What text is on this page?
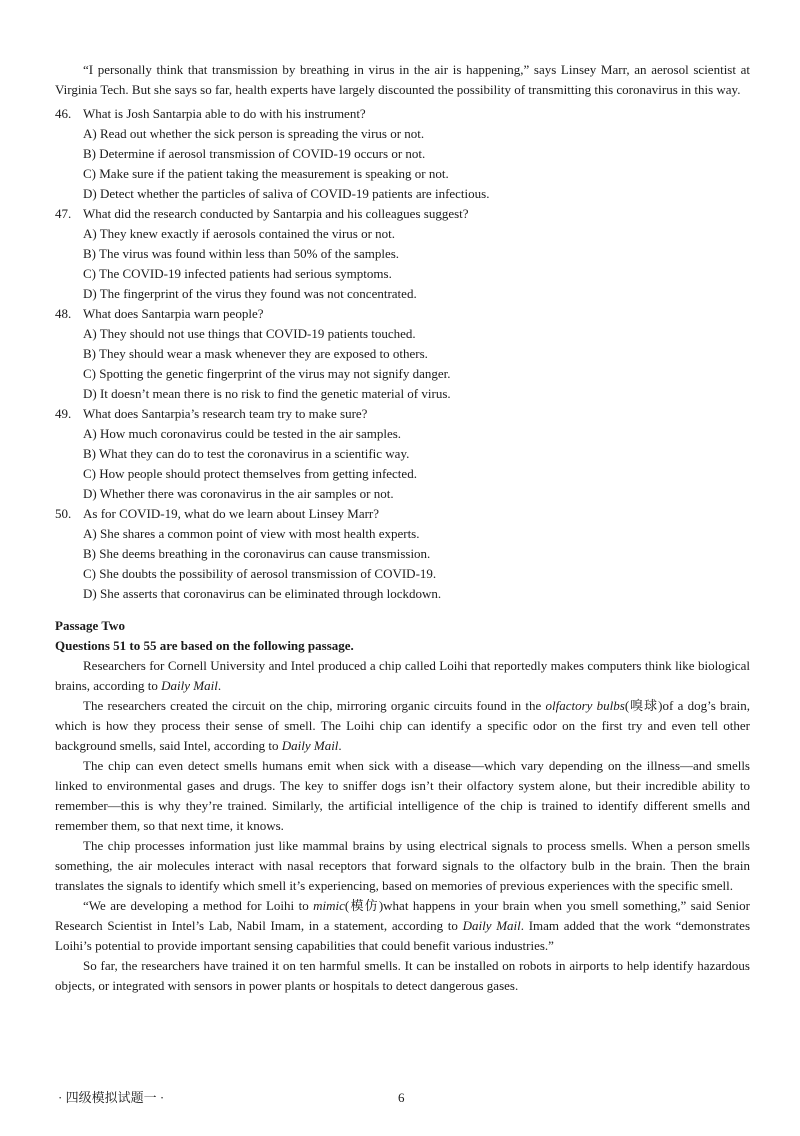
“I personally think that transmission by breathing in virus in the air is happening,” says Linsey Marr, an aerosol scientist at Virginia Tech. But she says so far, health experts have largely discounted the possibility of transmitting this coronavirus in this way.

46. What is Josh Santarpia able to do with his instrument?
A) Read out whether the sick person is spreading the virus or not.
B) Determine if aerosol transmission of COVID-19 occurs or not.
C) Make sure if the patient taking the measurement is speaking or not.
D) Detect whether the particles of saliva of COVID-19 patients are infectious.
47. What did the research conducted by Santarpia and his colleagues suggest?
A) They knew exactly if aerosols contained the virus or not.
B) The virus was found within less than 50% of the samples.
C) The COVID-19 infected patients had serious symptoms.
D) The fingerprint of the virus they found was not concentrated.
48. What does Santarpia warn people?
A) They should not use things that COVID-19 patients touched.
B) They should wear a mask whenever they are exposed to others.
C) Spotting the genetic fingerprint of the virus may not signify danger.
D) It doesn’t mean there is no risk to find the genetic material of virus.
49. What does Santarpia’s research team try to make sure?
A) How much coronavirus could be tested in the air samples.
B) What they can do to test the coronavirus in a scientific way.
C) How people should protect themselves from getting infected.
D) Whether there was coronavirus in the air samples or not.
50. As for COVID-19, what do we learn about Linsey Marr?
A) She shares a common point of view with most health experts.
B) She deems breathing in the coronavirus can cause transmission.
C) She doubts the possibility of aerosol transmission of COVID-19.
D) She asserts that coronavirus can be eliminated through lockdown.
Passage Two
Questions 51 to 55 are based on the following passage.

Researchers for Cornell University and Intel produced a chip called Loihi that reportedly makes computers think like biological brains, according to Daily Mail.

The researchers created the circuit on the chip, mirroring organic circuits found in the olfactory bulbs(嗅球)of a dog’s brain, which is how they process their sense of smell. The Loihi chip can identify a specific odor on the first try and even tell other background smells, said Intel, according to Daily Mail.

The chip can even detect smells humans emit when sick with a disease—which vary depending on the illness—and smells linked to environmental gases and drugs. The key to sniffer dogs isn’t their olfactory system alone, but their incredible ability to remember—this is why they’re trained. Similarly, the artificial intelligence of the chip is trained to identify different smells and remember them, so that next time, it knows.

The chip processes information just like mammal brains by using electrical signals to process smells. When a person smells something, the air molecules interact with nasal receptors that forward signals to the olfactory bulb in the brain. Then the brain translates the signals to identify which smell it’s experiencing, based on memories of previous experiences with the specific smell.

“We are developing a method for Loihi to mimic(模仿)what happens in your brain when you smell something,” said Senior Research Scientist in Intel’s Lab, Nabil Imam, in a statement, according to Daily Mail. Imam added that the work “demonstrates Loihi’s potential to provide important sensing capabilities that could benefit various industries.”

So far, the researchers have trained it on ten harmful smells. It can be installed on robots in airports to help identify hazardous objects, or integrated with sensors in power plants or hospitals to detect dangerous gases.

· 四级模拟试题一 ·	6
